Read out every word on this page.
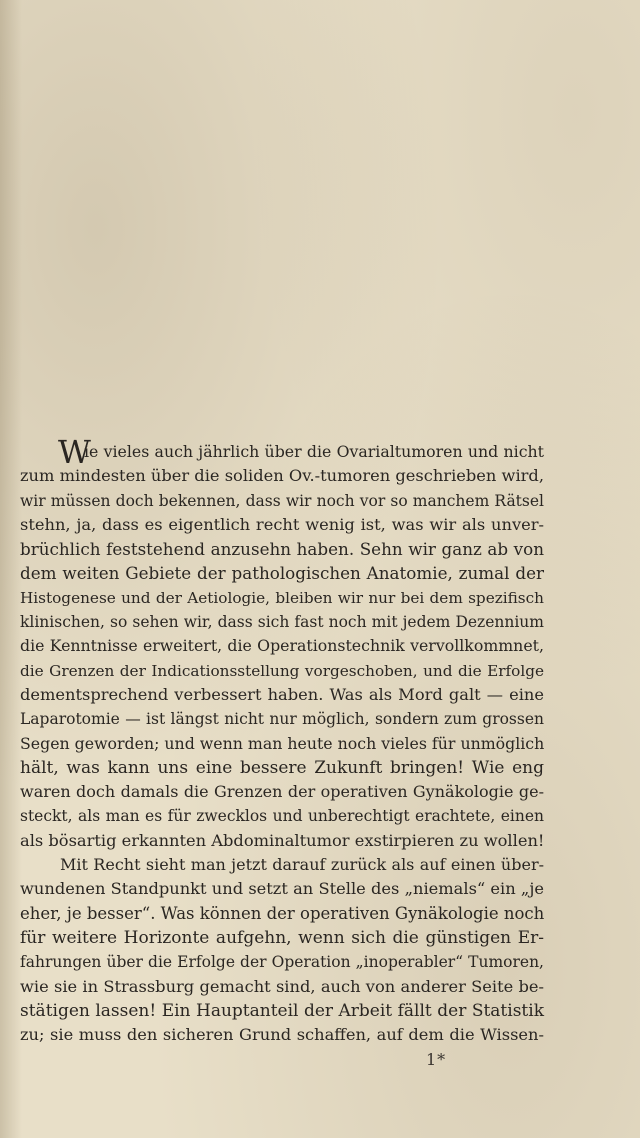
W
ie vieles auch jährlich über die Ovarialtumoren und nicht
zum mindesten über die soliden Ov.-tumoren geschrieben wird,
wir müssen doch bekennen, dass wir noch vor so manchem Rätsel
stehn, ja, dass es eigentlich recht wenig ist, was wir als unver-
brüchlich feststehend anzusehn haben. Sehn wir ganz ab von
dem weiten Gebiete der pathologischen Anatomie, zumal der
Histogenese und der Aetiologie, bleiben wir nur bei dem spezifisch
klinischen, so sehen wir, dass sich fast noch mit jedem Dezennium
die Kenntnisse erweitert, die Operationstechnik vervollkommnet,
die Grenzen der Indicationsstellung vorgeschoben, und die Erfolge
dementsprechend verbessert haben. Was als Mord galt — eine
Laparotomie — ist längst nicht nur möglich, sondern zum grossen
Segen geworden; und wenn man heute noch vieles für unmöglich
hält, was kann uns eine bessere Zukunft bringen! Wie eng
waren doch damals die Grenzen der operativen Gynäkologie ge-
steckt, als man es für zwecklos und unberechtigt erachtete, einen
als bösartig erkannten Abdominaltumor exstirpieren zu wollen!
Mit Recht sieht man jetzt darauf zurück als auf einen über-
wundenen Standpunkt und setzt an Stelle des „niemals“ ein „je
eher, je besser“. Was können der operativen Gynäkologie noch
für weitere Horizonte aufgehn, wenn sich die günstigen Er-
fahrungen über die Erfolge der Operation „inoperabler“ Tumoren,
wie sie in Strassburg gemacht sind, auch von anderer Seite be-
stätigen lassen! Ein Hauptanteil der Arbeit fällt der Statistik
zu; sie muss den sicheren Grund schaffen, auf dem die Wissen-
1*
